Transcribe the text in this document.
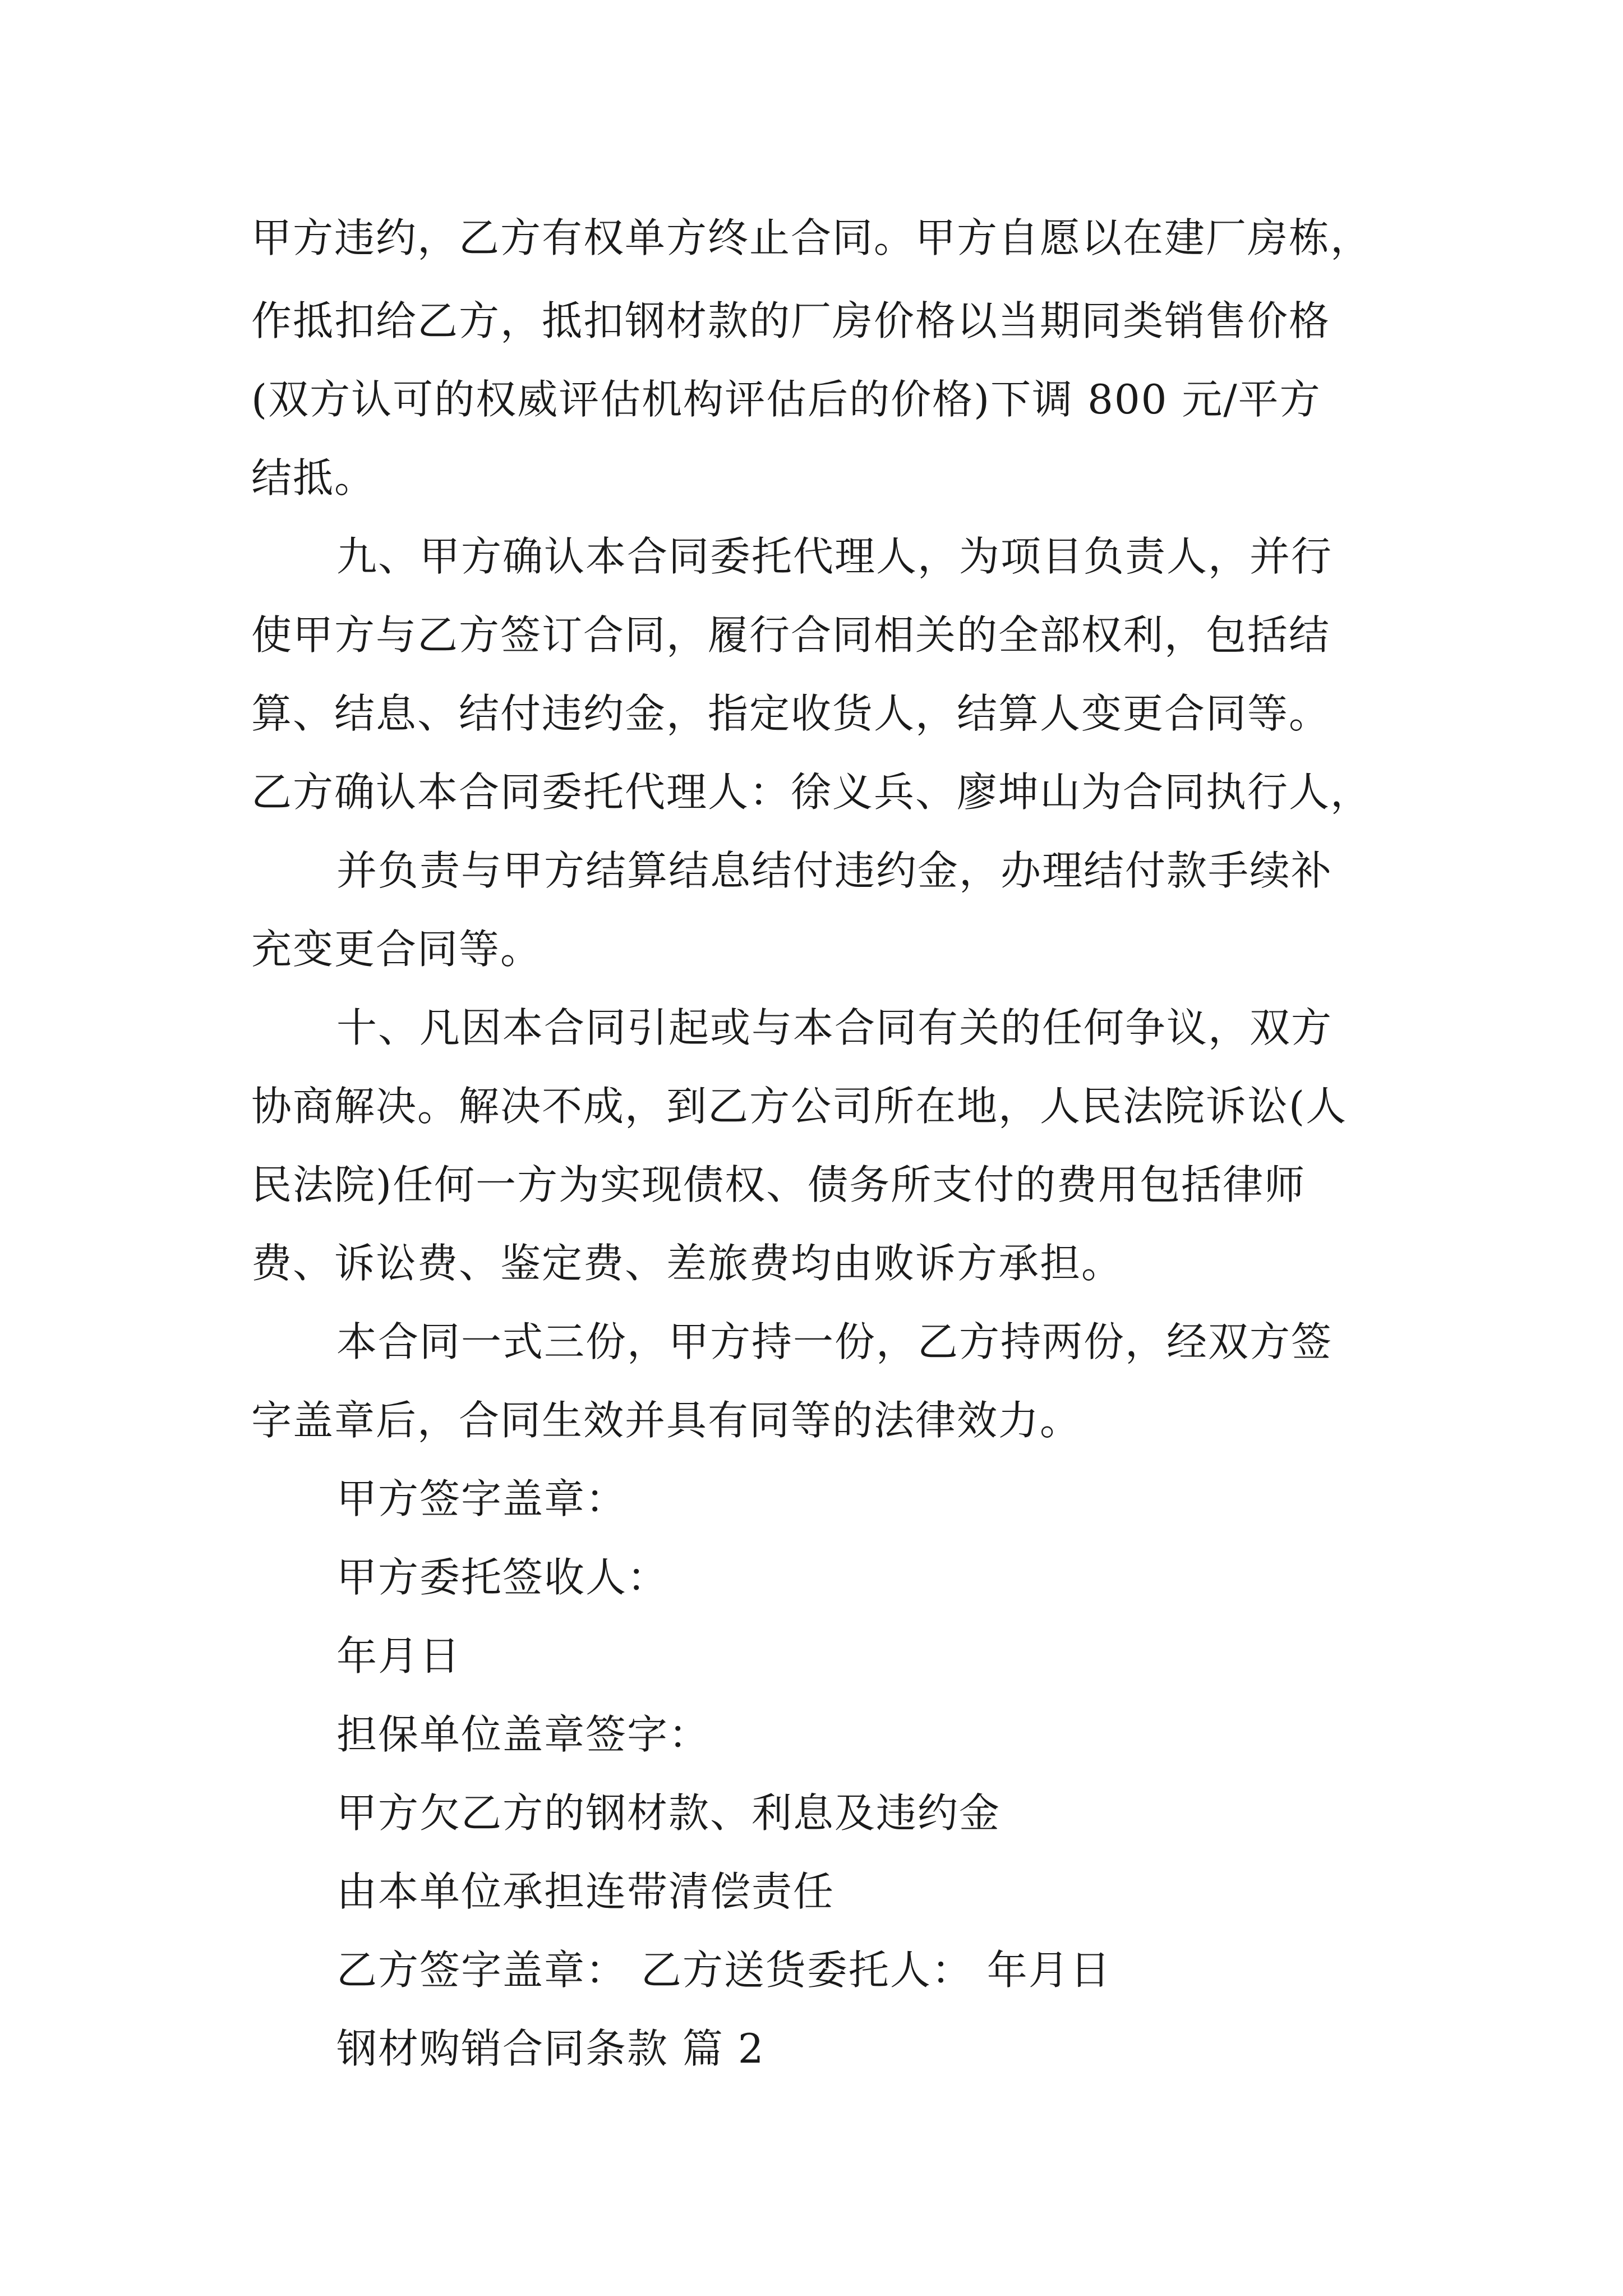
甲方违约，乙方有权单方终止合同。甲方自愿以在建厂房栋，
作抵扣给乙方，抵扣钢材款的厂房价格以当期同类销售价格
(双方认可的权威评估机构评估后的价格)下调 800 元/平方
结抵。
九、甲方确认本合同委托代理人，为项目负责人，并行
使甲方与乙方签订合同，履行合同相关的全部权利，包括结
算、结息、结付违约金，指定收货人，结算人变更合同等。
乙方确认本合同委托代理人：徐义兵、廖坤山为合同执行人，
并负责与甲方结算结息结付违约金，办理结付款手续补
充变更合同等。
十、凡因本合同引起或与本合同有关的任何争议，双方
协商解决。解决不成，到乙方公司所在地，人民法院诉讼(人
民法院)任何一方为实现债权、债务所支付的费用包括律师
费、诉讼费、鉴定费、差旅费均由败诉方承担。
本合同一式三份，甲方持一份，乙方持两份，经双方签
字盖章后，合同生效并具有同等的法律效力。
甲方签字盖章：
甲方委托签收人：
年月日
担保单位盖章签字：
甲方欠乙方的钢材款、利息及违约金
由本单位承担连带清偿责任
乙方签字盖章： 乙方送货委托人： 年月日
钢材购销合同条款 篇 2
